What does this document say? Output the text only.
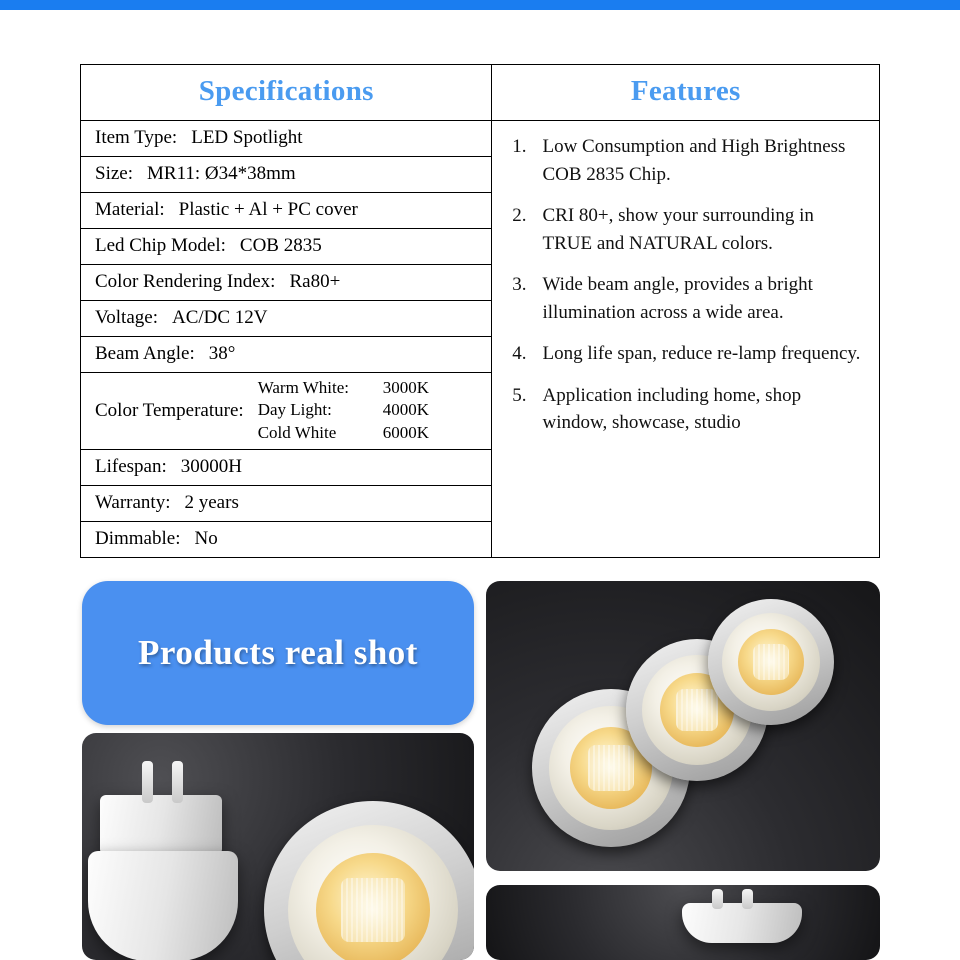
Specifications
Item Type: LED Spotlight
Size: MR11: Ø34*38mm
Material: Plastic + Al + PC cover
Led Chip Model: COB 2835
Color Rendering Index: Ra80+
Voltage: AC/DC 12V
Beam Angle: 38°
Color Temperature:
Warm White:	3000K
Day Light:	4000K
Cold White	6000K
Lifespan: 30000H
Warranty: 2 years
Dimmable: No
Features
1. Low Consumption and High Brightness COB 2835 Chip.
2. CRI 80+, show your surrounding in TRUE and NATURAL colors.
3. Wide beam angle, provides a bright illumination across a wide area.
4. Long life span, reduce re-lamp frequency.
5. Application including home, shop window, showcase, studio
Products real shot
